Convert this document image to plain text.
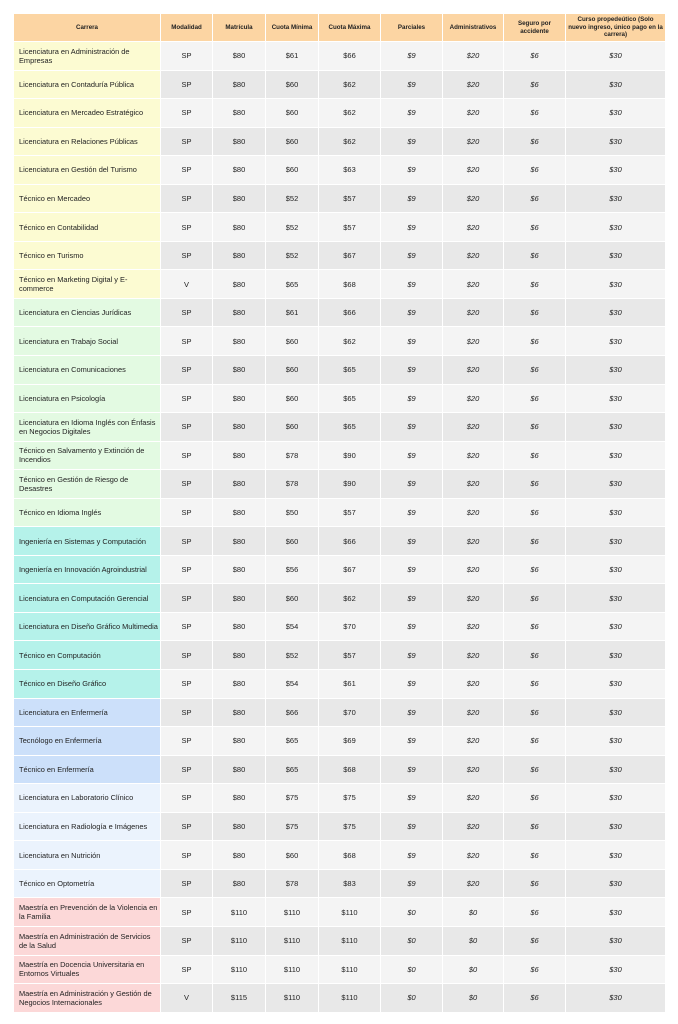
Carrera	Modalidad	Matrícula	Cuota Mínima	Cuota Máxima	Parciales	Administrativos	Seguro por accidente	Curso propedeútico (Solo nuevo ingreso, único pago en la carrera)
Licenciatura en Administración de Empresas	SP	$80	$61	$66	$9	$20	$6	$30
Licenciatura en Contaduría Pública	SP	$80	$60	$62	$9	$20	$6	$30
Licenciatura en Mercadeo Estratégico	SP	$80	$60	$62	$9	$20	$6	$30
Licenciatura en Relaciones Públicas	SP	$80	$60	$62	$9	$20	$6	$30
Licenciatura en Gestión del Turismo	SP	$80	$60	$63	$9	$20	$6	$30
Técnico en Mercadeo	SP	$80	$52	$57	$9	$20	$6	$30
Técnico en Contabilidad	SP	$80	$52	$57	$9	$20	$6	$30
Técnico en Turismo	SP	$80	$52	$67	$9	$20	$6	$30
Técnico en Marketing Digital y E-commerce	V	$80	$65	$68	$9	$20	$6	$30
Licenciatura en Ciencias Jurídicas	SP	$80	$61	$66	$9	$20	$6	$30
Licenciatura en Trabajo Social	SP	$80	$60	$62	$9	$20	$6	$30
Licenciatura en Comunicaciones	SP	$80	$60	$65	$9	$20	$6	$30
Licenciatura en Psicología	SP	$80	$60	$65	$9	$20	$6	$30
Licenciatura en Idioma Inglés con Énfasis en Negocios Digitales	SP	$80	$60	$65	$9	$20	$6	$30
Técnico en Salvamento y Extinción de Incendios	SP	$80	$78	$90	$9	$20	$6	$30
Técnico en Gestión de Riesgo de Desastres	SP	$80	$78	$90	$9	$20	$6	$30
Técnico en Idioma Inglés	SP	$80	$50	$57	$9	$20	$6	$30
Ingeniería en Sistemas y Computación	SP	$80	$60	$66	$9	$20	$6	$30
Ingeniería en Innovación Agroindustrial	SP	$80	$56	$67	$9	$20	$6	$30
Licenciatura en Computación Gerencial	SP	$80	$60	$62	$9	$20	$6	$30
Licenciatura en Diseño Gráfico Multimedia	SP	$80	$54	$70	$9	$20	$6	$30
Técnico en Computación	SP	$80	$52	$57	$9	$20	$6	$30
Técnico en Diseño Gráfico	SP	$80	$54	$61	$9	$20	$6	$30
Licenciatura en Enfermería	SP	$80	$66	$70	$9	$20	$6	$30
Tecnólogo en Enfermería	SP	$80	$65	$69	$9	$20	$6	$30
Técnico en Enfermería	SP	$80	$65	$68	$9	$20	$6	$30
Licenciatura en Laboratorio Clínico	SP	$80	$75	$75	$9	$20	$6	$30
Licenciatura en Radiología e Imágenes	SP	$80	$75	$75	$9	$20	$6	$30
Licenciatura en Nutrición	SP	$80	$60	$68	$9	$20	$6	$30
Técnico en Optometría	SP	$80	$78	$83	$9	$20	$6	$30
Maestría en Prevención de la Violencia en la Familia	SP	$110	$110	$110	$0	$0	$6	$30
Maestría en Administración de Servicios de la Salud	SP	$110	$110	$110	$0	$0	$6	$30
Maestría en Docencia Universitaria en Entornos Virtuales	SP	$110	$110	$110	$0	$0	$6	$30
Maestría en Administración y Gestión de Negocios Internacionales	V	$115	$110	$110	$0	$0	$6	$30
